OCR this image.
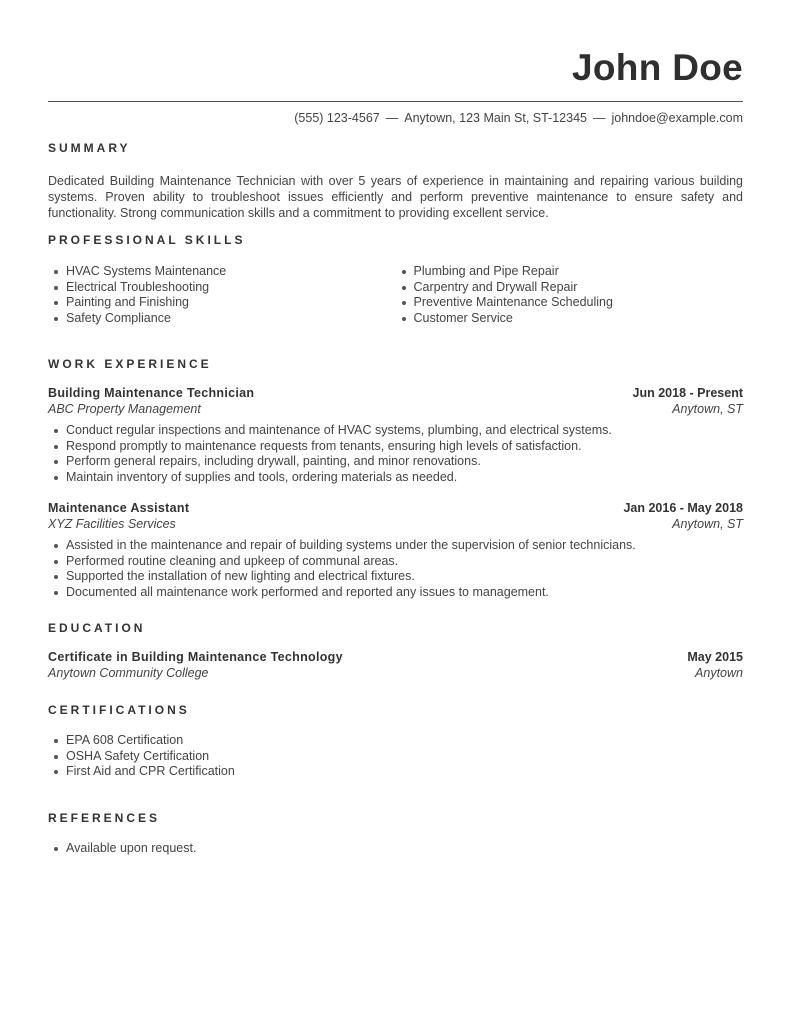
John Doe
(555) 123-4567 — Anytown, 123 Main St, ST-12345 — johndoe@example.com
SUMMARY
Dedicated Building Maintenance Technician with over 5 years of experience in maintaining and repairing various building systems. Proven ability to troubleshoot issues efficiently and perform preventive maintenance to ensure safety and functionality. Strong communication skills and a commitment to providing excellent service.
PROFESSIONAL SKILLS
HVAC Systems Maintenance
Electrical Troubleshooting
Painting and Finishing
Safety Compliance
Plumbing and Pipe Repair
Carpentry and Drywall Repair
Preventive Maintenance Scheduling
Customer Service
WORK EXPERIENCE
Building Maintenance Technician	Jun 2018 - Present
ABC Property Management	Anytown, ST
Conduct regular inspections and maintenance of HVAC systems, plumbing, and electrical systems.
Respond promptly to maintenance requests from tenants, ensuring high levels of satisfaction.
Perform general repairs, including drywall, painting, and minor renovations.
Maintain inventory of supplies and tools, ordering materials as needed.
Maintenance Assistant	Jan 2016 - May 2018
XYZ Facilities Services	Anytown, ST
Assisted in the maintenance and repair of building systems under the supervision of senior technicians.
Performed routine cleaning and upkeep of communal areas.
Supported the installation of new lighting and electrical fixtures.
Documented all maintenance work performed and reported any issues to management.
EDUCATION
Certificate in Building Maintenance Technology	May 2015
Anytown Community College	Anytown
CERTIFICATIONS
EPA 608 Certification
OSHA Safety Certification
First Aid and CPR Certification
REFERENCES
Available upon request.
